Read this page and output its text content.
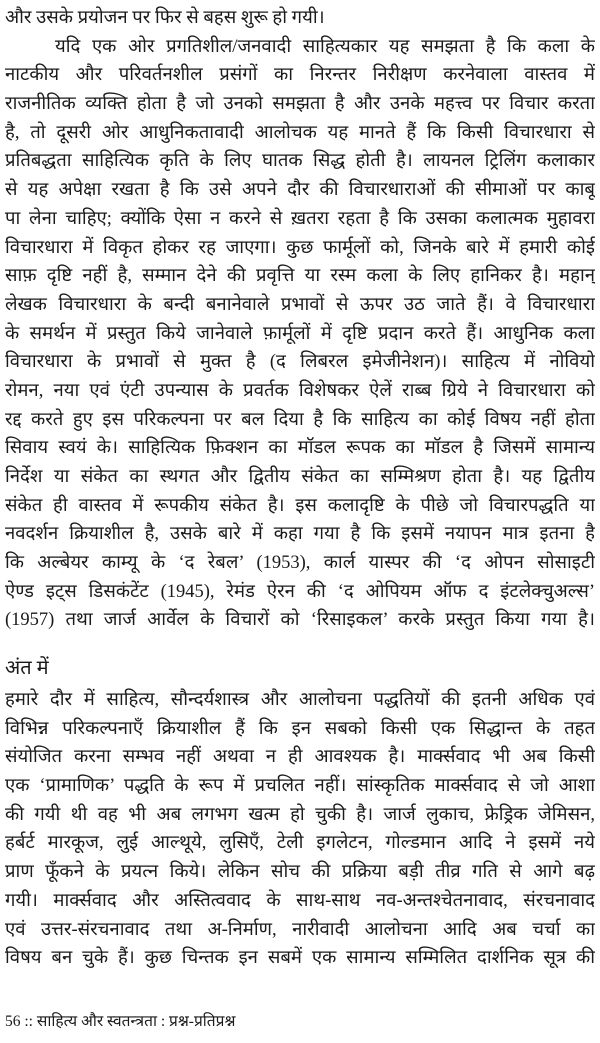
और उसके प्रयोजन पर फिर से बहस शुरू हो गयी।
यदि एक ओर प्रगतिशील/जनवादी साहित्यकार यह समझता है कि कला के
नाटकीय और परिवर्तनशील प्रसंगों का निरन्तर निरीक्षण करनेवाला वास्तव में
राजनीतिक व्यक्ति होता है जो उनको समझता है और उनके महत्त्व पर विचार करता
है, तो दूसरी ओर आधुनिकतावादी आलोचक यह मानते हैं कि किसी विचारधारा से
प्रतिबद्धता साहित्यिक कृति के लिए घातक सिद्ध होती है। लायनल ट्रिलिंग कलाकार
से यह अपेक्षा रखता है कि उसे अपने दौर की विचारधाराओं की सीमाओं पर काबू
पा लेना चाहिए; क्योंकि ऐसा न करने से ख़तरा रहता है कि उसका कलात्मक मुहावरा
विचारधारा में विकृत होकर रह जाएगा। कुछ फार्मूलों को, जिनके बारे में हमारी कोई
साफ़ दृष्टि नहीं है, सम्मान देने की प्रवृत्ति या रस्म कला के लिए हानिकर है। महान्
लेखक विचारधारा के बन्दी बनानेवाले प्रभावों से ऊपर उठ जाते हैं। वे विचारधारा
के समर्थन में प्रस्तुत किये जानेवाले फ़ार्मूलों में दृष्टि प्रदान करते हैं। आधुनिक कला
विचारधारा के प्रभावों से मुक्त है (द लिबरल इमेजीनेशन)। साहित्य में नोवियो
रोमन, नया एवं एंटी उपन्यास के प्रवर्तक विशेषकर ऐलें राब्ब ग्रिये ने विचारधारा को
रद्द करते हुए इस परिकल्पना पर बल दिया है कि साहित्य का कोई विषय नहीं होता
सिवाय स्वयं के। साहित्यिक फ़िक्शन का मॉडल रूपक का मॉडल है जिसमें सामान्य
निर्देश या संकेत का स्थगत और द्वितीय संकेत का सम्मिश्रण होता है। यह द्वितीय
संकेत ही वास्तव में रूपकीय संकेत है। इस कलादृष्टि के पीछे जो विचारपद्धति या
नवदर्शन क्रियाशील है, उसके बारे में कहा गया है कि इसमें नयापन मात्र इतना है
कि अल्बेयर काम्यू के ‘द रेबल’ (1953), कार्ल यास्पर की ‘द ओपन सोसाइटी
ऐण्ड इट्स डिसकंटेंट (1945), रेमंड ऐरन की ‘द ओपियम ऑफ द इंटलेक्चुअल्स’
(1957) तथा जार्ज आर्वेल के विचारों को ‘रिसाइकल’ करके प्रस्तुत किया गया है।
अंत में
हमारे दौर में साहित्य, सौन्दर्यशास्त्र और आलोचना पद्धतियों की इतनी अधिक एवं
विभिन्न परिकल्पनाएँ क्रियाशील हैं कि इन सबको किसी एक सिद्धान्त के तहत
संयोजित करना सम्भव नहीं अथवा न ही आवश्यक है। मार्क्सवाद भी अब किसी
एक ‘प्रामाणिक’ पद्धति के रूप में प्रचलित नहीं। सांस्कृतिक मार्क्सवाद से जो आशा
की गयी थी वह भी अब लगभग खत्म हो चुकी है। जार्ज लुकाच, फ्रेड्रिक जेमिसन,
हर्बर्ट मारकूज, लुई आल्थूये, लुसिएँ, टेली इगलेटन, गोल्डमान आदि ने इसमें नये
प्राण फूँकने के प्रयत्न किये। लेकिन सोच की प्रक्रिया बड़ी तीव्र गति से आगे बढ़
गयी। मार्क्सवाद और अस्तित्ववाद के साथ-साथ नव-अन्तश्चेतनावाद, संरचनावाद
एवं उत्तर-संरचनावाद तथा अ-निर्माण, नारीवादी आलोचना आदि अब चर्चा का
विषय बन चुके हैं। कुछ चिन्तक इन सबमें एक सामान्य सम्मिलित दार्शनिक सूत्र की
56 :: साहित्य और स्वतन्त्रता : प्रश्न-प्रतिप्रश्न
